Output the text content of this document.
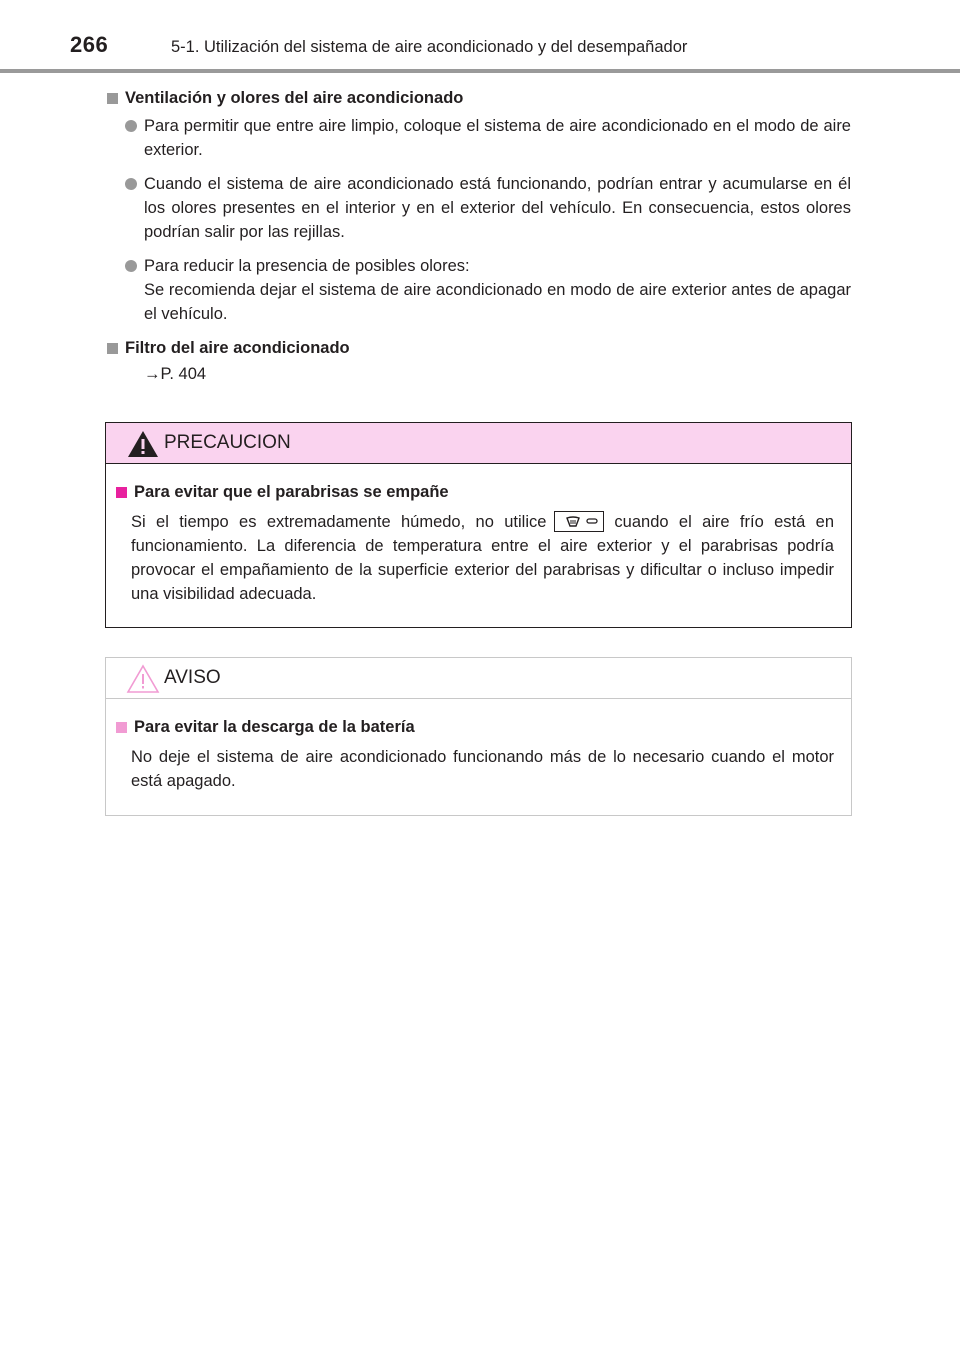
266	5-1. Utilización del sistema de aire acondicionado y del desempañador
Ventilación y olores del aire acondicionado
Para permitir que entre aire limpio, coloque el sistema de aire acondicionado en el modo de aire exterior.
Cuando el sistema de aire acondicionado está funcionando, podrían entrar y acumularse en él los olores presentes en el interior y en el exterior del vehículo. En consecuencia, estos olores podrían salir por las rejillas.
Para reducir la presencia de posibles olores:
Se recomienda dejar el sistema de aire acondicionado en modo de aire exterior antes de apagar el vehículo.
Filtro del aire acondicionado
→P. 404
PRECAUCION
Para evitar que el parabrisas se empañe
Si el tiempo es extremadamente húmedo, no utilice	cuando el aire frío está en funcionamiento. La diferencia de temperatura entre el aire exterior y el parabrisas podría provocar el empañamiento de la superficie exterior del parabrisas y dificultar o incluso impedir una visibilidad adecuada.
AVISO
Para evitar la descarga de la batería
No deje el sistema de aire acondicionado funcionando más de lo necesario cuando el motor está apagado.
